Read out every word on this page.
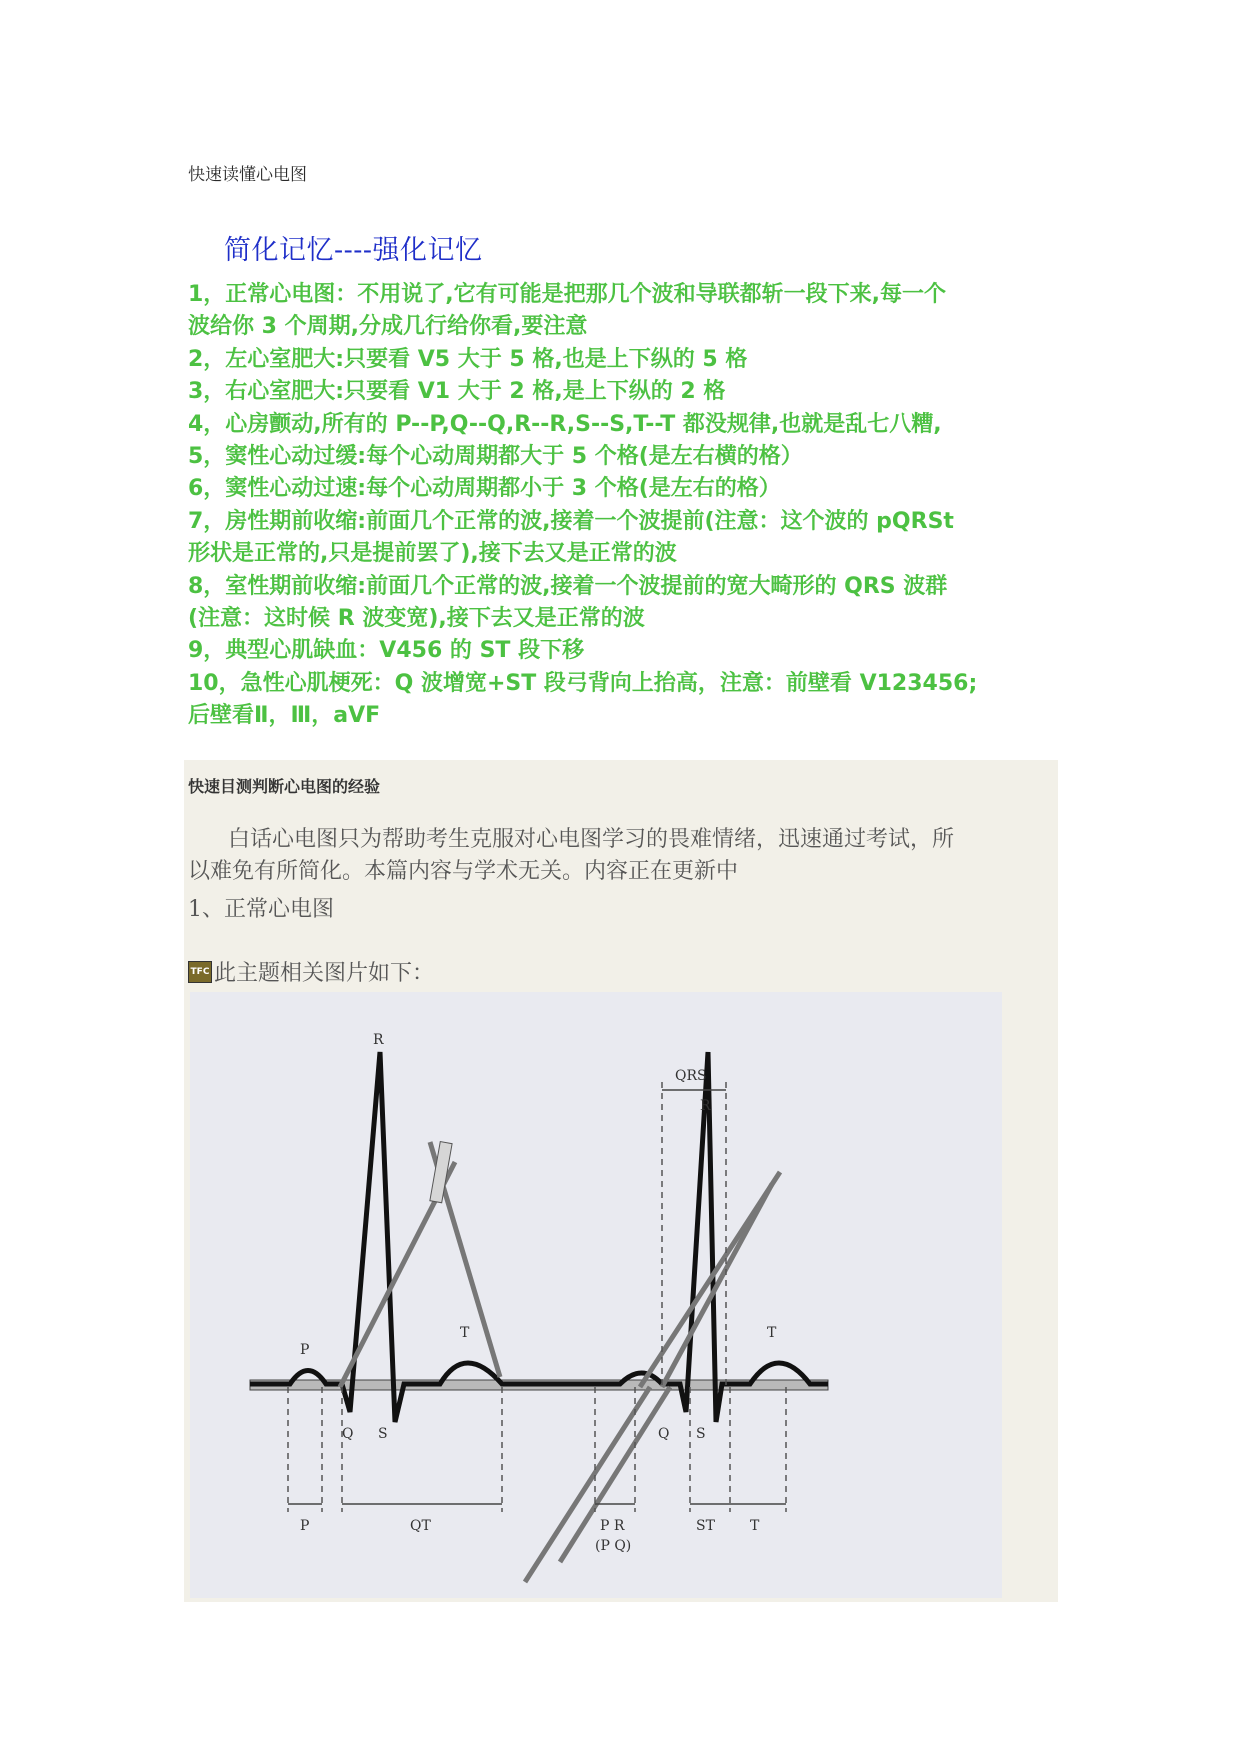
快速读懂心电图
简化记忆----强化记忆
1，正常心电图：不用说了,它有可能是把那几个波和导联都斩一段下来,每一个
波给你 3 个周期,分成几行给你看,要注意
2，左心室肥大:只要看 V5 大于 5 格,也是上下纵的 5 格
3，右心室肥大:只要看 V1 大于 2 格,是上下纵的 2 格
4，心房颤动,所有的 P--P,Q--Q,R--R,S--S,T--T 都没规律,也就是乱七八糟,
5，窦性心动过缓:每个心动周期都大于 5 个格(是左右横的格）
6，窦性心动过速:每个心动周期都小于 3 个格(是左右的格）
7，房性期前收缩:前面几个正常的波,接着一个波提前(注意：这个波的 pQRSt
形状是正常的,只是提前罢了),接下去又是正常的波
8，室性期前收缩:前面几个正常的波,接着一个波提前的宽大畸形的 QRS 波群
(注意：这时候 R 波变宽),接下去又是正常的波
9，典型心肌缺血：V456 的 ST 段下移
10，急性心肌梗死：Q 波增宽+ST 段弓背向上抬高，注意：前壁看 V123456;
后壁看Ⅱ，Ⅲ，aVF
快速目测判断心电图的经验
白话心电图只为帮助考生克服对心电图学习的畏难情绪，迅速通过考试，所
以难免有所简化。本篇内容与学术无关。内容正在更新中
1、正常心电图
TFC 此主题相关图片如下：
R
P
T
Q S
QRS
R
T
Q S
P	QT	P R
(P Q)
ST	T
